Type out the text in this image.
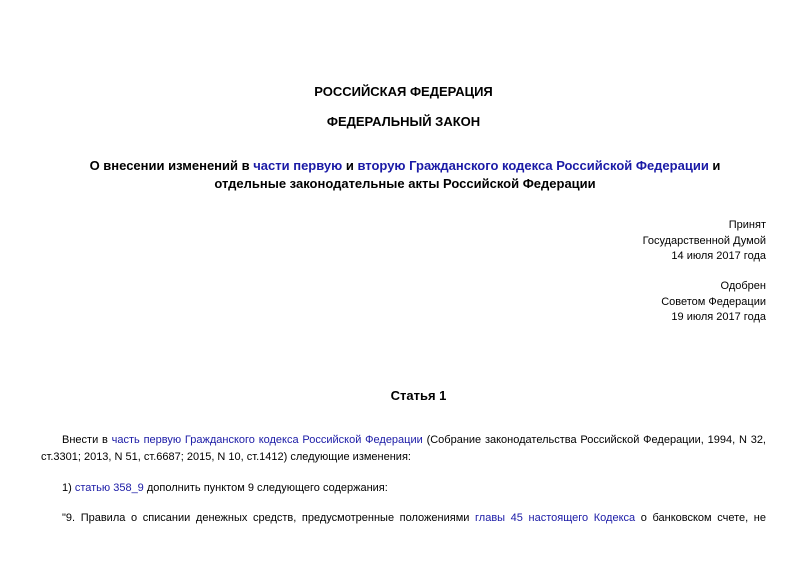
РОССИЙСКАЯ ФЕДЕРАЦИЯ
ФЕДЕРАЛЬНЫЙ ЗАКОН
О внесении изменений в части первую и вторую Гражданского кодекса Российской Федерации и
отдельные законодательные акты Российской Федерации
Принят
Государственной Думой
14 июля 2017 года
Одобрен
Советом Федерации
19 июля 2017 года
Статья 1
Внести в часть первую Гражданского кодекса Российской Федерации (Собрание законодательства Российской Федерации, 1994, N 32, ст.3301; 2013, N 51, ст.6687; 2015, N 10, ст.1412) следующие изменения:
1) статью 358_9 дополнить пунктом 9 следующего содержания:
"9. Правила о списании денежных средств, предусмотренные положениями главы 45 настоящего Кодекса о банковском счете, не
